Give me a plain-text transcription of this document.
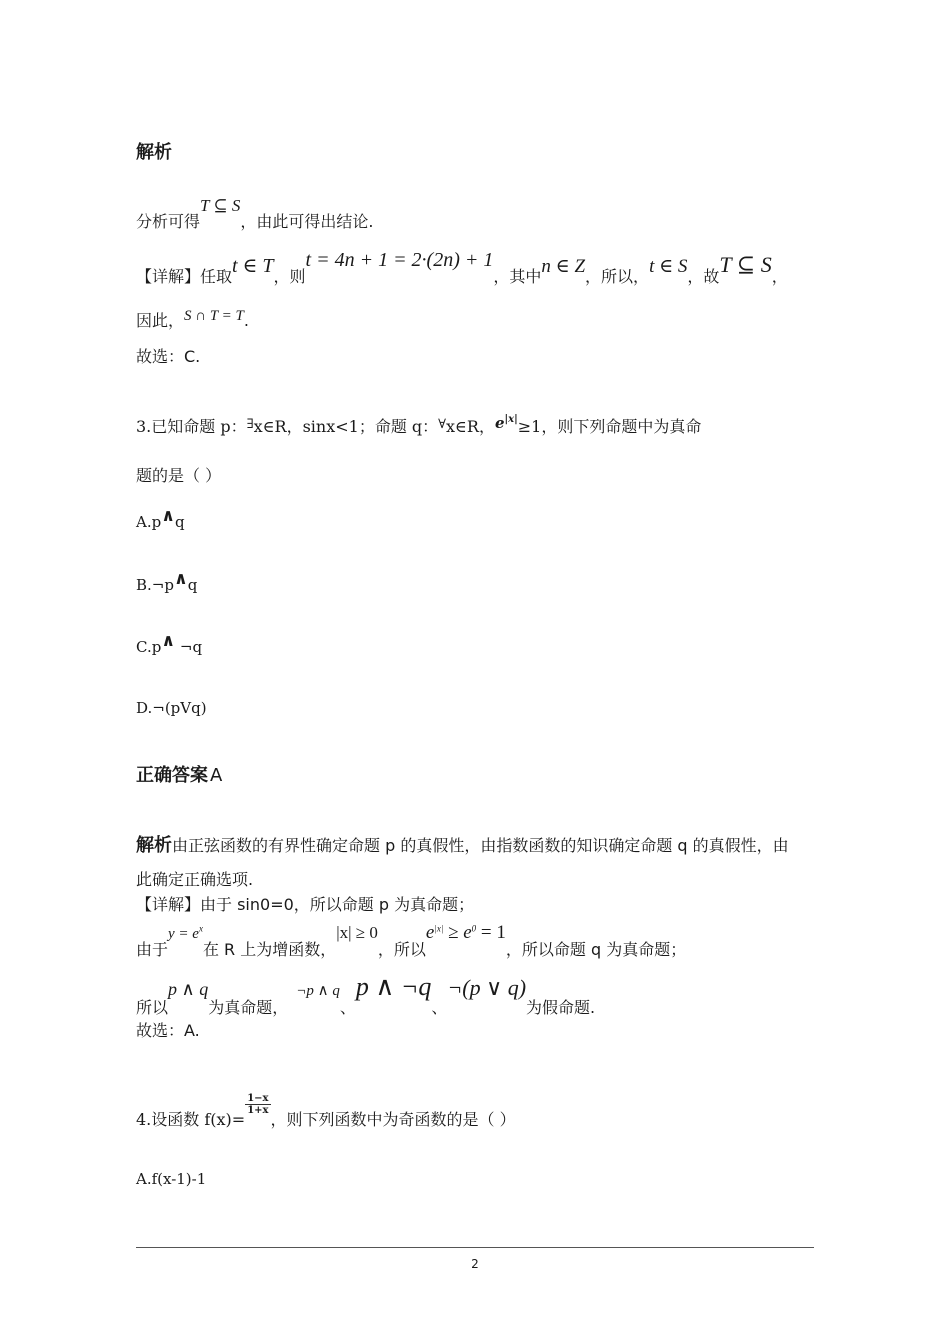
解析
分析可得T ⊆ S，由此可得出结论.
【详解】任取t ∈ T，则t = 4n + 1 = 2·(2n) + 1，其中n ∈ Z，所以，t ∈ S，故T ⊆ S，
因此，S ∩ T = T.
故选：C.
3.已知命题 p：∃x∈R，sinx<1；命题 q：∀x∈R，$e^{|x|}\ge 1$，则下列命题中为真命
题的是（ ）
A.p∧q
B.¬p∧q
C.p∧ ¬q
D.¬(pVq)
正确答案 A
解析由正弦函数的有界性确定命题 p 的真假性，由指数函数的知识确定命题 q 的真假性，由
此确定正确选项.
【详解】由于 sin0=0，所以命题 p 为真命题；
由于$y = e^x$在 R 上为增函数，|x| ≥ 0，所以$e^{|x|} \ge e^0 = 1$，所以命题 q 为真命题；
所以p ∧ q为真命题，¬p ∧ q、p ∧ ¬q、¬(p ∨ q)为假命题.
故选：A.
4.设函数 f(x)=
$\frac{1-x}{1+x}$
，则下列函数中为奇函数的是（ ）
A.f(x-1)-1
2
